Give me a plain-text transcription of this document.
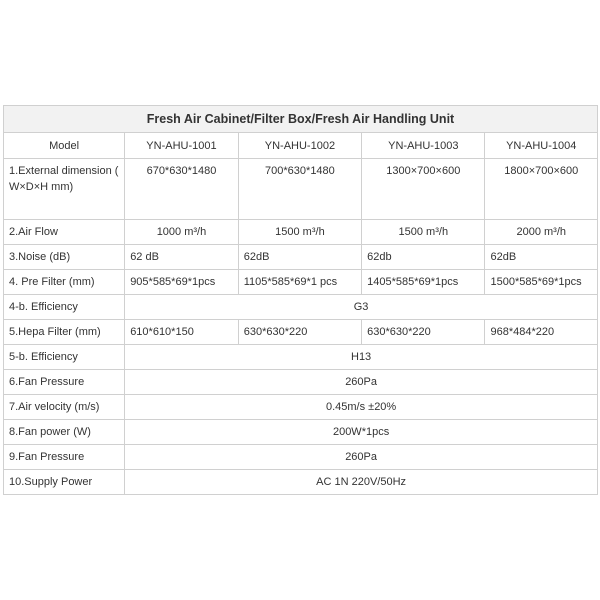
Fresh Air Cabinet/Filter Box/Fresh Air Handling Unit				
Model	YN-AHU-1001	YN-AHU-1002	YN-AHU-1003	YN-AHU-1004
1.External dimension ( W×D×H mm)	670*630*1480	700*630*1480	1300×700×600	1800×700×600
2.Air Flow	1000 m³/h	1500 m³/h	1500 m³/h	2000 m³/h
3.Noise (dB)	62 dB	62dB	62db	62dB
4. Pre Filter (mm)	905*585*69*1pcs	1105*585*69*1 pcs	1405*585*69*1pcs	1500*585*69*1pcs
4-b. Efficiency	G3			
5.Hepa Filter (mm)	610*610*150	630*630*220	630*630*220	968*484*220
5-b. Efficiency	H13			
6.Fan Pressure	260Pa			
7.Air velocity (m/s)	0.45m/s ±20%			
8.Fan power (W)	200W*1pcs			
9.Fan Pressure	260Pa			
10.Supply Power	AC 1N 220V/50Hz			
